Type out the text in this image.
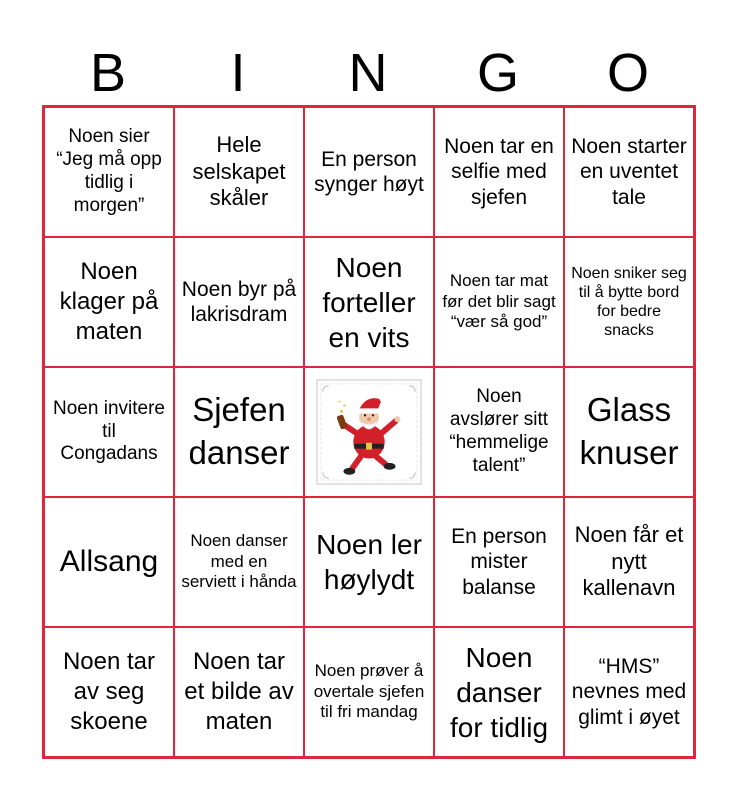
B	I	N	G	O
Noen sier “Jeg må opp tidlig i morgen”
Hele selskapet skåler
En person synger høyt
Noen tar en selfie med sjefen
Noen starter en uventet tale
Noen klager på maten
Noen byr på lakrisdram
Noen forteller en vits
Noen tar mat før det blir sagt “vær så god”
Noen sniker seg til å bytte bord for bedre snacks
Noen invitere til Congadans
Sjefen danser
Noen avslører sitt “hemmelige talent”
Glass knuser
Allsang
Noen danser med en serviett i hånda
Noen ler høylydt
En person mister balanse
Noen får et nytt kallenavn
Noen tar av seg skoene
Noen tar et bilde av maten
Noen prøver å overtale sjefen til fri mandag
Noen danser for tidlig
“HMS” nevnes med glimt i øyet
